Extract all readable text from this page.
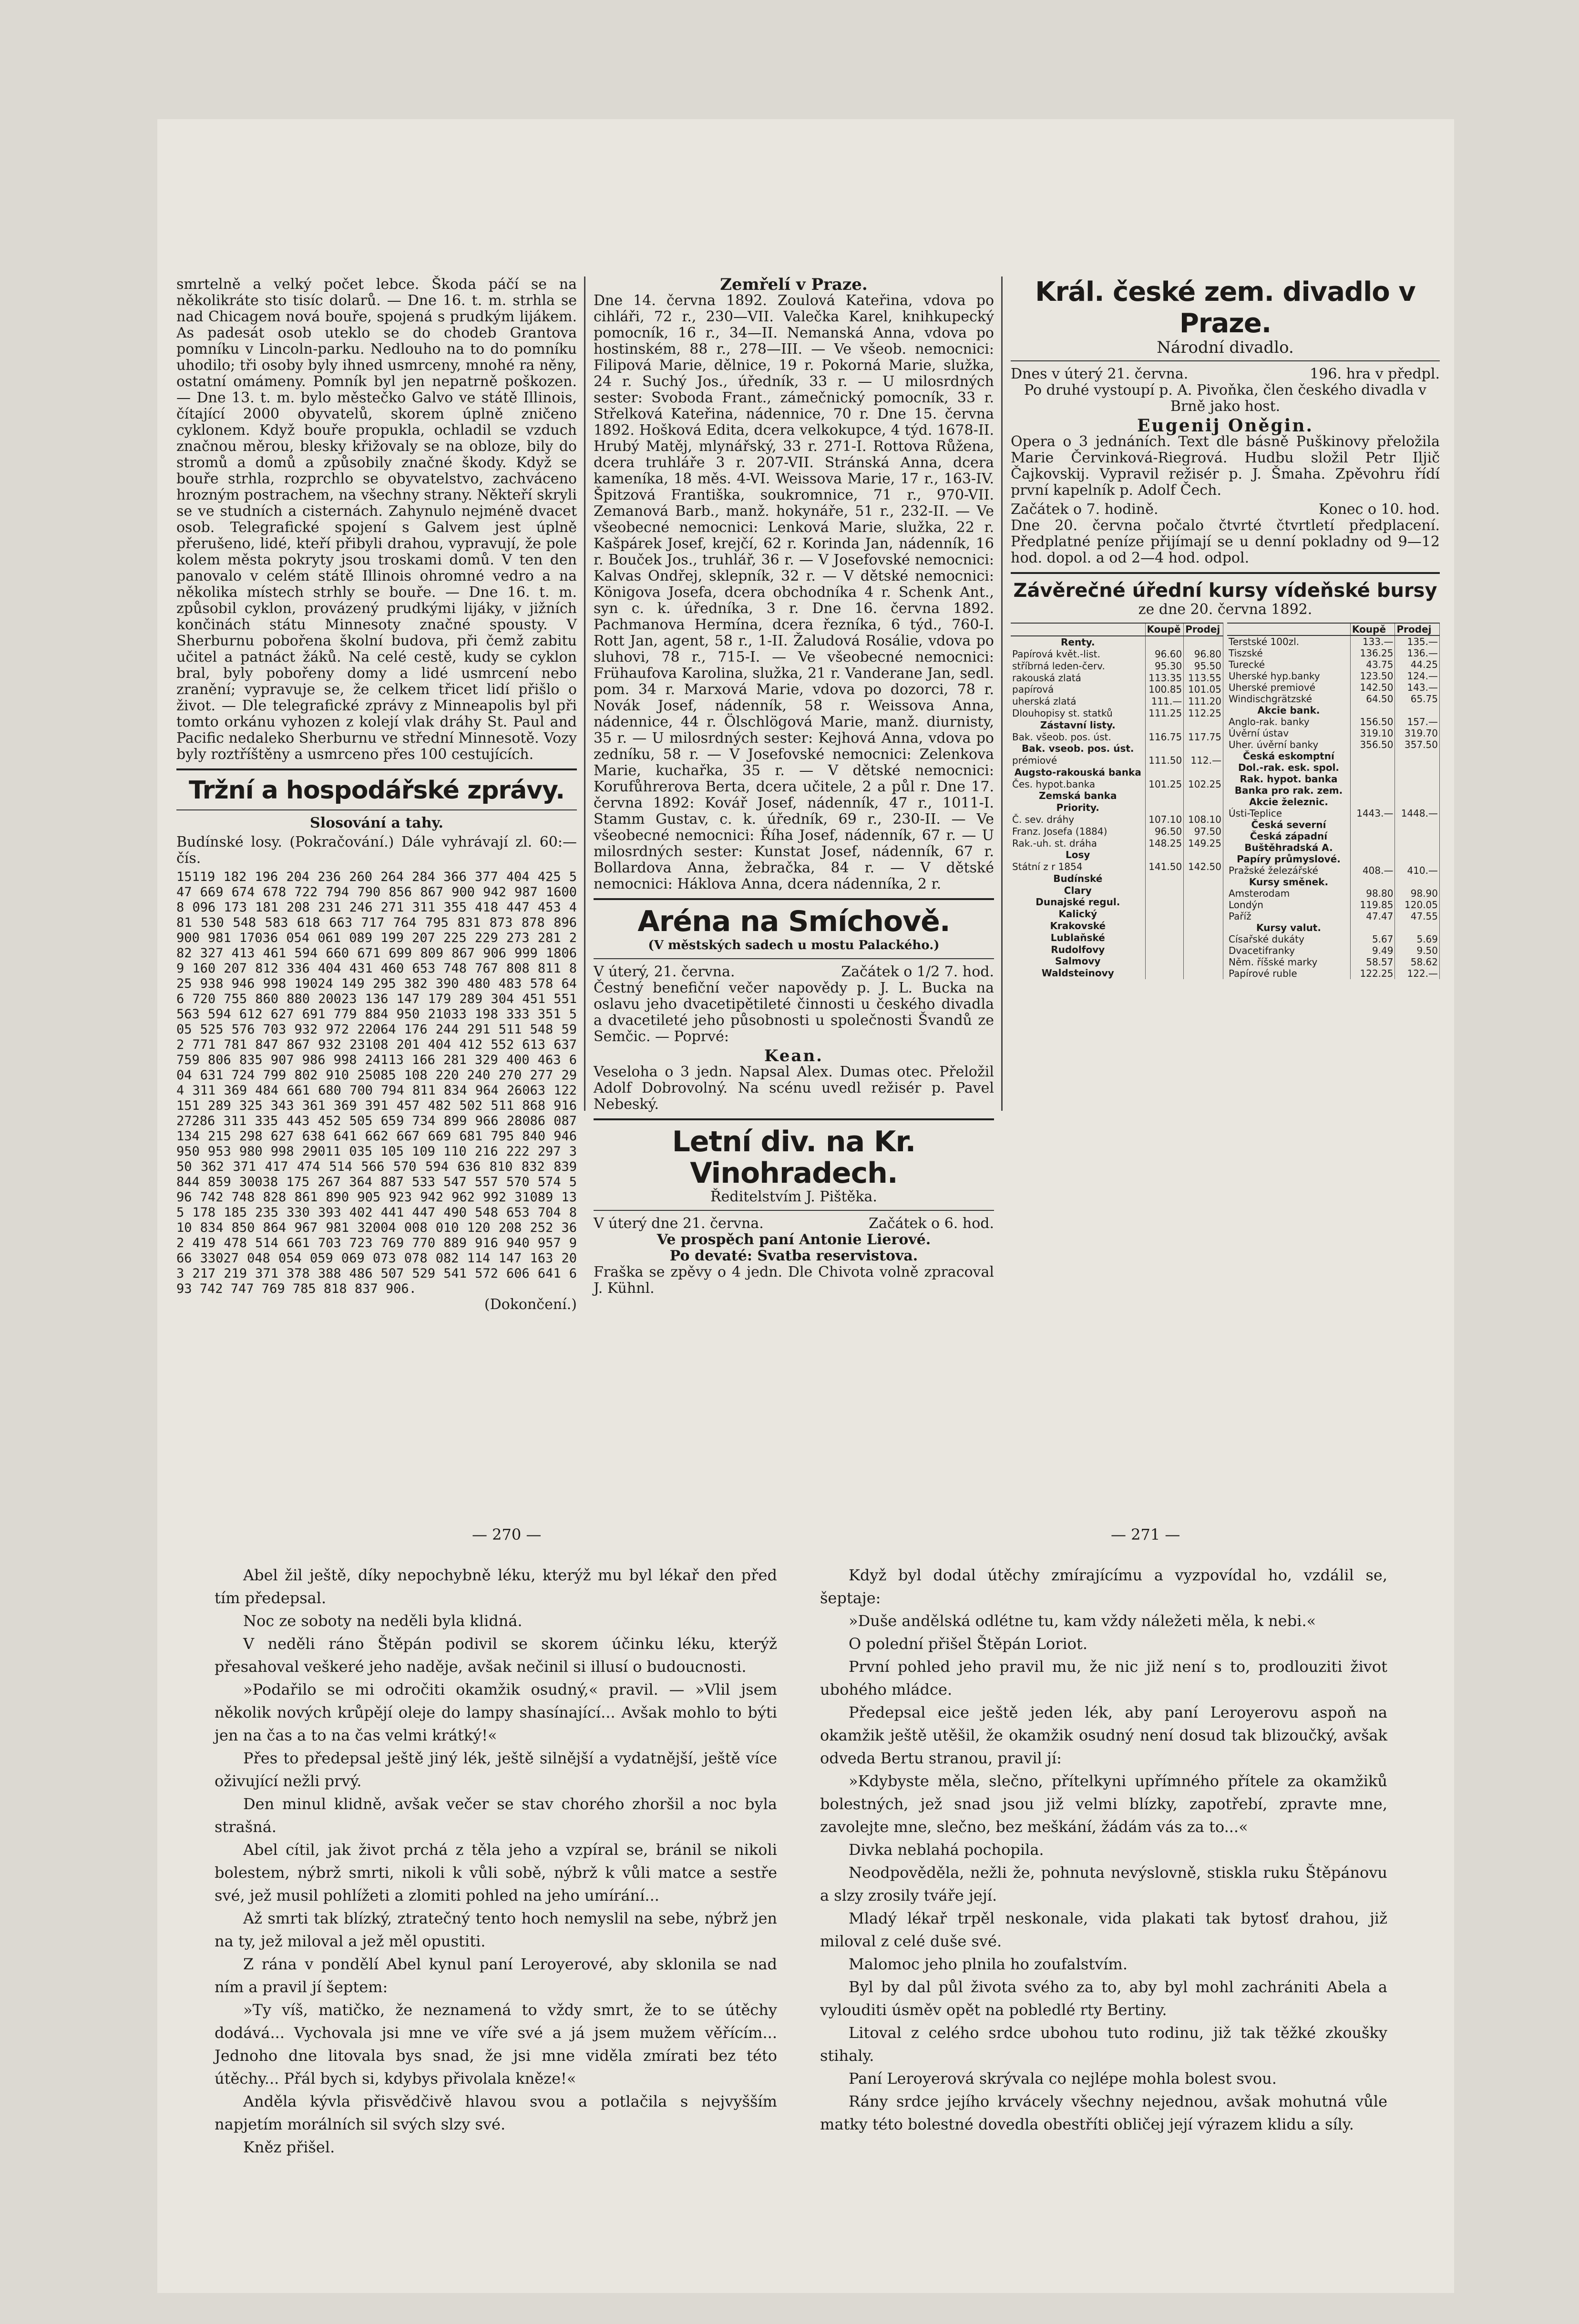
smrtelně a velký počet lebce. Škoda páčí se na několikráte sto tisíc dolarů. — Dne 16. t. m. strhla se nad Chicagem nová bouře, spojená s prudkým lijákem. As padesát osob uteklo se do chodeb Grantova pomníku v Lincoln-parku. Nedlouho na to do pomníku uhodilo; tři osoby byly ihned usmrceny, mnohé ra něny, ostatní omámeny. Pomník byl jen nepatrně poškozen. — Dne 13. t. m. bylo městečko Galvo ve státě Illinois, čítající 2000 obyvatelů, skorem úplně zničeno cyklonem. Když bouře propukla, ochladil se vzduch značnou měrou, blesky křižovaly se na obloze, bily do stromů a domů a způsobily značné škody. Když se bouře strhla, rozprchlo se obyvatelstvo, zachváceno hrozným postrachem, na všechny strany. Někteří skryli se ve studních a cisternách. Zahynulo nejméně dvacet osob. Telegrafické spojení s Galvem jest úplně přerušeno, lidé, kteří přibyli drahou, vypravují, že pole kolem města pokryty jsou troskami domů. V ten den panovalo v celém státě Illinois ohromné vedro a na několika místech strhly se bouře. — Dne 16. t. m. způsobil cyklon, provázený prudkými lijáky, v jižních končinách státu Minnesoty značné spousty. V Sherburnu pobořena školní budova, při čemž zabitu učitel a patnáct žáků. Na celé cestě, kudy se cyklon bral, byly pobořeny domy a lidé usmrcení nebo zranění; vypravuje se, že celkem třicet lidí přišlo o život. — Dle telegrafické zprávy z Minneapolis byl při tomto orkánu vyhozen z kolejí vlak dráhy St. Paul and Pacific nedaleko Sherburnu ve střední Minnesotě. Vozy byly roztříštěny a usmrceno přes 100 cestujících.

Tržní a hospodářské zprávy.
Slosování a tahy.

Budínské losy. (Pokračování.) Dále vyhrávají zl. 60:— čís.

15119 182 196 204 236 260 264 284 366 377 404 425 547 669 674 678 722 794 790 856 867 900 942 987 16008 096 173 181 208 231 246 271 311 355 418 447 453 481 530 548 583 618 663 717 764 795 831 873 878 896 900 981 17036 054 061 089 199 207 225 229 273 281 282 327 413 461 594 660 671 699 809 867 906 999 18069 160 207 812 336 404 431 460 653 748 767 808 811 825 938 946 998 19024 149 295 382 390 480 483 578 646 720 755 860 880 20023 136 147 179 289 304 451 551 563 594 612 627 691 779 884 950 21033 198 333 351 505 525 576 703 932 972 22064 176 244 291 511 548 592 771 781 847 867 932 23108 201 404 412 552 613 637 759 806 835 907 986 998 24113 166 281 329 400 463 604 631 724 799 802 910 25085 108 220 240 270 277 294 311 369 484 661 680 700 794 811 834 964 26063 122 151 289 325 343 361 369 391 457 482 502 511 868 916 27286 311 335 443 452 505 659 734 899 966 28086 087 134 215 298 627 638 641 662 667 669 681 795 840 946 950 953 980 998 29011 035 105 109 110 216 222 297 350 362 371 417 474 514 566 570 594 636 810 832 839 844 859 30038 175 267 364 887 533 547 557 570 574 596 742 748 828 861 890 905 923 942 962 992 31089 135 178 185 235 330 393 402 441 447 490 548 653 704 810 834 850 864 967 981 32004 008 010 120 208 252 362 419 478 514 661 703 723 769 770 889 916 940 957 966 33027 048 054 059 069 073 078 082 114 147 163 203 217 219 371 378 388 486 507 529 541 572 606 641 693 742 747 769 785 818 837 906.
(Dokončení.)
Zemřelí v Praze.

Dne 14. června 1892. Zoulová Kateřina, vdova po cihláři, 72 r., 230—VII. Valečka Karel, knihkupecký pomocník, 16 r., 34—II. Nemanská Anna, vdova po hostinském, 88 r., 278—III. — Ve všeob. nemocnici: Filipová Marie, dělnice, 19 r. Pokorná Marie, služka, 24 r. Suchý Jos., úředník, 33 r. — U milosrdných sester: Svoboda Frant., zámečnický pomocník, 33 r. Střelková Kateřina, nádennice, 70 r. Dne 15. června 1892. Hošková Edita, dcera velkokupce, 4 týd. 1678-II. Hrubý Matěj, mlynářský, 33 r. 271-I. Rottova Růžena, dcera truhláře 3 r. 207-VII. Stránská Anna, dcera kameníka, 18 měs. 4-VI. Weissova Marie, 17 r., 163-IV. Špitzová Františka, soukromnice, 71 r., 970-VII. Zemanová Barb., manž. hokynáře, 51 r., 232-II. — Ve všeobecné nemocnici: Lenková Marie, služka, 22 r. Kašpárek Josef, krejčí, 62 r. Korinda Jan, nádenník, 16 r. Bouček Jos., truhlář, 36 r. — V Josefovské nemocnici: Kalvas Ondřej, sklepník, 32 r. — V dětské nemocnici: Königova Josefa, dcera obchodníka 4 r. Schenk Ant., syn c. k. úředníka, 3 r. Dne 16. června 1892. Pachmanova Hermína, dcera řezníka, 6 týd., 760-I. Rott Jan, agent, 58 r., 1-II. Žaludová Rosálie, vdova po sluhovi, 78 r., 715-I. — Ve všeobecné nemocnici: Frühaufova Karolina, služka, 21 r. Vanderane Jan, sedl. pom. 34 r. Marxová Marie, vdova po dozorci, 78 r. Novák Josef, nádenník, 58 r. Weissova Anna, nádennice, 44 r. Ölschlögová Marie, manž. diurnisty, 35 r. — U milosrdných sester: Kejhová Anna, vdova po zedníku, 58 r. — V Josefovské nemocnici: Zelenkova Marie, kuchařka, 35 r. — V dětské nemocnici: Korufůhrerova Berta, dcera učitele, 2 a půl r. Dne 17. června 1892: Kovář Josef, nádenník, 47 r., 1011-I. Stamm Gustav, c. k. úředník, 69 r., 230-II. — Ve všeobecné nemocnici: Říha Josef, nádenník, 67 r. — U milosrdných sester: Kunstat Josef, nádenník, 67 r. Bollardova Anna, žebračka, 84 r. — V dětské nemocnici: Háklova Anna, dcera nádenníka, 2 r.

Aréna na Smíchově.
(V městských sadech u mostu Palackého.)
V úterý, 21. června.	Začátek o 1/2 7. hod.

Čestný benefiční večer napovědy p. J. L. Bucka na oslavu jeho dvacetipětileté činnosti u českého divadla a dvacetileté jeho působnosti u společnosti Švandů ze Semčic. — Poprvé:

Kean.

Veseloha o 3 jedn. Napsal Alex. Dumas otec. Přeložil Adolf Dobrovolný. Na scénu uvedl režisér p. Pavel Nebeský.

Letní div. na Kr. Vinohradech.
Ředitelstvím J. Pištěka.
V úterý dne 21. června.	Začátek o 6. hod.
Ve prospěch paní Antonie Lierové.
Po devaté: Svatba reservistova.

Fraška se zpěvy o 4 jedn. Dle Chivota volně zpracoval J. Kühnl.

Král. české zem. divadlo v Praze.
Národní divadlo.
Dnes v úterý 21. června.	196. hra v předpl.

Po druhé vystoupí p. A. Pivoňka, člen českého divadla v Brně jako host.

Eugenij Oněgin.

Opera o 3 jednáních. Text dle básně Puškinovy přeložila Marie Červinková-Riegrová. Hudbu složil Petr Iljič Čajkovskij. Vypravil režisér p. J. Šmaha. Zpěvohru řídí první kapelník p. Adolf Čech.

Začátek o 7. hodině.	Konec o 10. hod.

Dne 20. června počalo čtvrté čtvrtletí předplacení. Předplatné peníze přijímají se u denní pokladny od 9—12 hod. dopol. a od 2—4 hod. odpol.

Závěrečné úřední kursy vídeňské bursy
ze dne 20. června 1892.
	Koupě	Prodej
Renty.		
Papírová květ.-list.	96.60	96.80
stříbrná leden-červ.	95.30	95.50
rakouská zlatá	113.35	113.55
papírová	100.85	101.05
uherská zlatá	111.—	111.20
Dlouhopisy st. statků	111.25	112.25
Zástavní listy.		
Bak. všeob. pos. úst.	116.75	117.75
Bak. vseob. pos. úst.		
prémiové	111.50	112.—
Augsto-rakouská banka		
Čes. hypot.banka	101.25	102.25
Zemská banka		
Priority.		
Č. sev. dráhy	107.10	108.10
Franz. Josefa (1884)	96.50	97.50
Rak.-uh. st. dráha	148.25	149.25
Losy		
Státní z r 1854	141.50	142.50
Budínské		
Clary		
Dunajské regul.		
Kalický		
Krakovské		
Lublaňské		
Rudolfovy		
Salmovy		
Waldsteinovy		
	Koupě	Prodej
Terstské 100zl.	133.—	135.—
Tiszské	136.25	136.—
Turecké	43.75	44.25
Uherské hyp.banky	123.50	124.—
Uherské premiové	142.50	143.—
Windischgrätzské	64.50	65.75
Akcie bank.		
Anglo-rak. banky	156.50	157.—
Úvěrní ústav	319.10	319.70
Uher. úvěrní banky	356.50	357.50
Česká eskomptní		
Dol.-rak. esk. spol.		
Rak. hypot. banka		
Banka pro rak. zem.		
Akcie železnic.		
Ústi-Teplice	1443.—	1448.—
Česká severní		
Česká západní		
Buštěhradská A.		
Papíry průmyslové.		
Pražské železářské	408.—	410.—
Kursy směnek.		
Amsterodam	98.80	98.90
Londýn	119.85	120.05
Paříž	47.47	47.55
Kursy valut.		
Císařské dukáty	5.67	5.69
Dvacetifranky	9.49	9.50
Něm. říšské marky	58.57	58.62
Papírové ruble	122.25	122.—
— 270 —	— 271 —

Abel žil ještě, díky nepochybně léku, kterýž mu byl lékař den před tím předepsal.

Noc ze soboty na neděli byla klidná.

V neděli ráno Štěpán podivil se skorem účinku léku, kterýž přesahoval veškeré jeho naděje, avšak nečinil si illusí o budoucnosti.

»Podařilo se mi odročiti okamžik osudný,« pravil. — »Vlil jsem několik nových krůpějí oleje do lampy shasínající... Avšak mohlo to býti jen na čas a to na čas velmi krátký!«

Přes to předepsal ještě jiný lék, ještě silnější a vydatnější, ještě více oživující nežli prvý.

Den minul klidně, avšak večer se stav chorého zhoršil a noc byla strašná.

Abel cítil, jak život prchá z těla jeho a vzpíral se, bránil se nikoli bolestem, nýbrž smrti, nikoli k vůli sobě, nýbrž k vůli matce a sestře své, jež musil pohlížeti a zlomiti pohled na jeho umírání...

Až smrti tak blízký, ztratečný tento hoch nemyslil na sebe, nýbrž jen na ty, jež miloval a jež měl opustiti.

Z rána v pondělí Abel kynul paní Leroyerové, aby sklonila se nad ním a pravil jí šeptem:

»Ty víš, matičko, že neznamená to vždy smrt, že to se útěchy dodává... Vychovala jsi mne ve víře své a já jsem mužem věřícím... Jednoho dne litovala bys snad, že jsi mne viděla zmírati bez této útěchy... Přál bych si, kdybys přivolala kněze!«

Anděla kývla přisvědčivě hlavou svou a potlačila s nejvyšším napjetím morálních sil svých slzy své.

Kněz přišel.

Když byl dodal útěchy zmírajícímu a vyzpovídal ho, vzdálil se, šeptaje:

»Duše andělská odlétne tu, kam vždy náležeti měla, k nebi.«

O polední přišel Štěpán Loriot.

První pohled jeho pravil mu, že nic již není s to, prodlouziti život ubohého mládce.

Předepsal eice ještě jeden lék, aby paní Leroyerovu aspoň na okamžik ještě utěšil, že okamžik osudný není dosud tak blizoučký, avšak odveda Bertu stranou, pravil jí:

»Kdybyste měla, slečno, přítelkyni upřímného přítele za okamžiků bolestných, jež snad jsou již velmi blízky, zapotřebí, zpravte mne, zavolejte mne, slečno, bez meškání, žádám vás za to...«

Divka neblahá pochopila.

Neodpověděla, nežli že, pohnuta nevýslovně, stiskla ruku Štěpánovu a slzy zrosily tváře její.

Mladý lékař trpěl neskonale, vida plakati tak bytosť drahou, již miloval z celé duše své.

Malomoc jeho plnila ho zoufalstvím.

Byl by dal půl života svého za to, aby byl mohl zachrániti Abela a vylouditi úsměv opět na pobledlé rty Bertiny.

Litoval z celého srdce ubohou tuto rodinu, již tak těžké zkoušky stihaly.

Paní Leroyerová skrývala co nejlépe mohla bolest svou.

Rány srdce jejího krvácely všechny nejednou, avšak mohutná vůle matky této bolestné dovedla obestříti obličej její výrazem klidu a síly.
